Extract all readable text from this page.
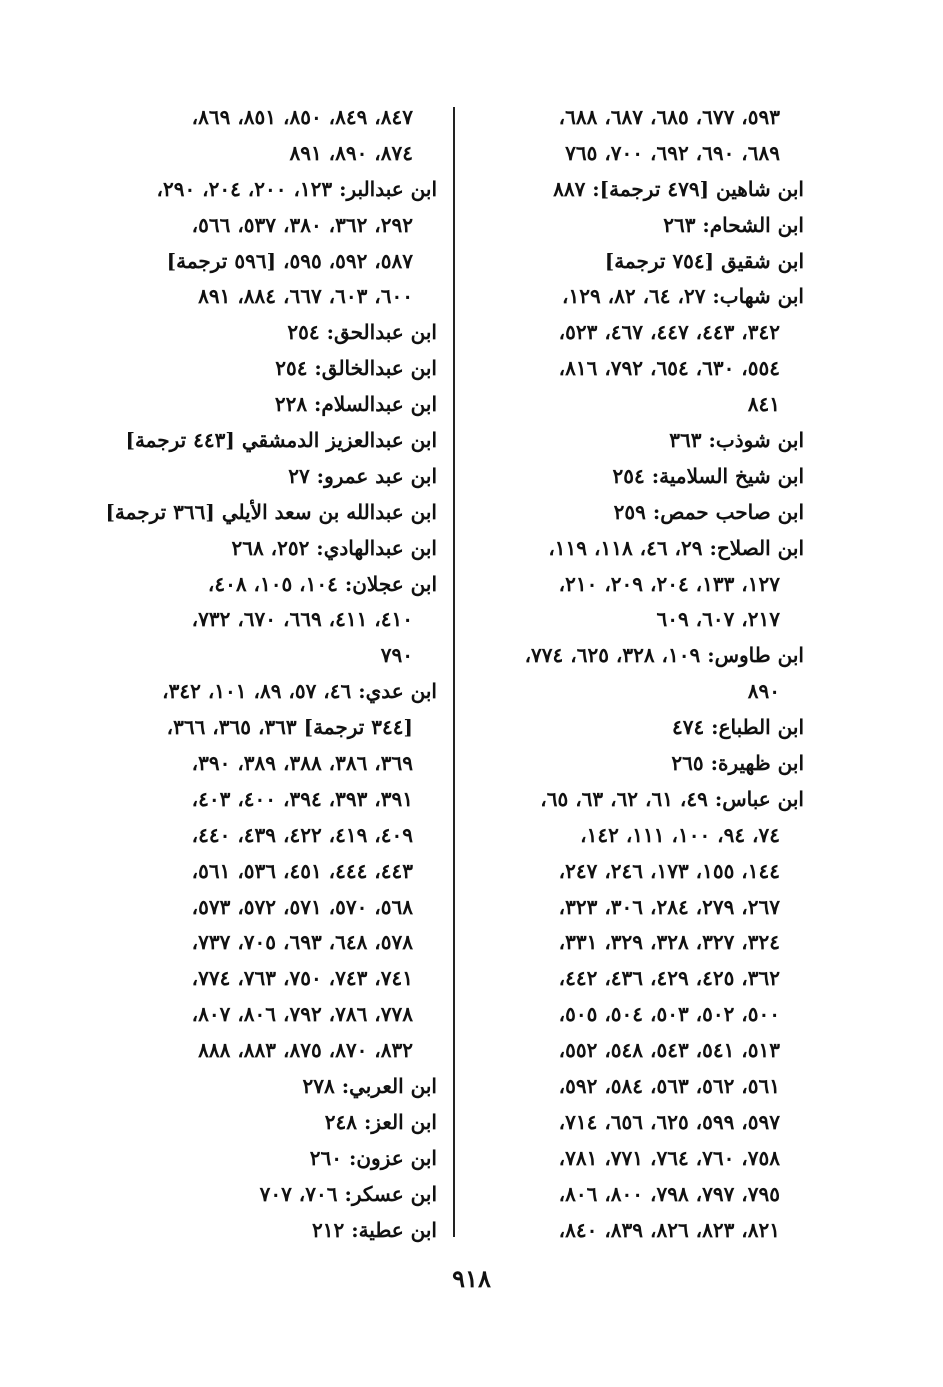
٥٩٣، ٦٧٧، ٦٨٥، ٦٨٧، ٦٨٨،
٦٨٩، ٦٩٠، ٦٩٢، ٧٠٠، ٧٦٥
ابن شاهين [٤٧٩ ترجمة]: ٨٨٧
ابن الشحام: ٢٦٣
ابن شقيق [٧٥٤ ترجمة]
ابن شهاب: ٢٧، ٦٤، ٨٢، ١٢٩،
٣٤٢، ٤٤٣، ٤٤٧، ٤٦٧، ٥٢٣،
٥٥٤، ٦٣٠، ٦٥٤، ٧٩٢، ٨١٦،
٨٤١
ابن شوذب: ٣٦٣
ابن شيخ السلامية: ٢٥٤
ابن صاحب حمص: ٢٥٩
ابن الصلاح: ٢٩، ٤٦، ١١٨، ١١٩،
١٢٧، ١٣٣، ٢٠٤، ٢٠٩، ٢١٠،
٢١٧، ٦٠٧، ٦٠٩
ابن طاوس: ١٠٩، ٣٢٨، ٦٢٥، ٧٧٤،
٨٩٠
ابن الطباع: ٤٧٤
ابن ظهيرة: ٢٦٥
ابن عباس: ٤٩، ٦١، ٦٢، ٦٣، ٦٥،
٧٤، ٩٤، ١٠٠، ١١١، ١٤٢،
١٤٤، ١٥٥، ١٧٣، ٢٤٦، ٢٤٧،
٢٦٧، ٢٧٩، ٢٨٤، ٣٠٦، ٣٢٣،
٣٢٤، ٣٢٧، ٣٢٨، ٣٢٩، ٣٣١،
٣٦٢، ٤٢٥، ٤٢٩، ٤٣٦، ٤٤٢،
٥٠٠، ٥٠٢، ٥٠٣، ٥٠٤، ٥٠٥،
٥١٣، ٥٤١، ٥٤٣، ٥٤٨، ٥٥٢،
٥٦١، ٥٦٢، ٥٦٣، ٥٨٤، ٥٩٢،
٥٩٧، ٥٩٩، ٦٢٥، ٦٥٦، ٧١٤،
٧٥٨، ٧٦٠، ٧٦٤، ٧٧١، ٧٨١،
٧٩٥، ٧٩٧، ٧٩٨، ٨٠٠، ٨٠٦،
٨٢١، ٨٢٣، ٨٢٦، ٨٣٩، ٨٤٠،
٨٤٧، ٨٤٩، ٨٥٠، ٨٥١، ٨٦٩،
٨٧٤، ٨٩٠، ٨٩١
ابن عبدالبر: ١٢٣، ٢٠٠، ٢٠٤، ٢٩٠،
٢٩٢، ٣٦٢، ٣٨٠، ٥٣٧، ٥٦٦،
٥٨٧، ٥٩٢، ٥٩٥، [٥٩٦ ترجمة]
٦٠٠، ٦٠٣، ٦٦٧، ٨٨٤، ٨٩١
ابن عبدالحق: ٢٥٤
ابن عبدالخالق: ٢٥٤
ابن عبدالسلام: ٢٢٨
ابن عبدالعزيز الدمشقي [٤٤٣ ترجمة]
ابن عبد عمرو: ٢٧
ابن عبدالله بن سعد الأيلي [٣٦٦ ترجمة]
ابن عبدالهادي: ٢٥٢، ٢٦٨
ابن عجلان: ١٠٤، ١٠٥، ٤٠٨،
٤١٠، ٤١١، ٦٦٩، ٦٧٠، ٧٣٢،
٧٩٠
ابن عدي: ٤٦، ٥٧، ٨٩، ١٠١، ٣٤٢،
[٣٤٤ ترجمة] ٣٦٣، ٣٦٥، ٣٦٦،
٣٦٩، ٣٨٦، ٣٨٨، ٣٨٩، ٣٩٠،
٣٩١، ٣٩٣، ٣٩٤، ٤٠٠، ٤٠٣،
٤٠٩، ٤١٩، ٤٢٢، ٤٣٩، ٤٤٠،
٤٤٣، ٤٤٤، ٤٥١، ٥٣٦، ٥٦١،
٥٦٨، ٥٧٠، ٥٧١، ٥٧٢، ٥٧٣،
٥٧٨، ٦٤٨، ٦٩٣، ٧٠٥، ٧٣٧،
٧٤١، ٧٤٣، ٧٥٠، ٧٦٣، ٧٧٤،
٧٧٨، ٧٨٦، ٧٩٢، ٨٠٦، ٨٠٧،
٨٣٢، ٨٧٠، ٨٧٥، ٨٨٣، ٨٨٨
ابن العربي: ٢٧٨
ابن العز: ٢٤٨
ابن عزون: ٢٦٠
ابن عسكر: ٧٠٦، ٧٠٧
ابن عطية: ٢١٢
٩١٨
